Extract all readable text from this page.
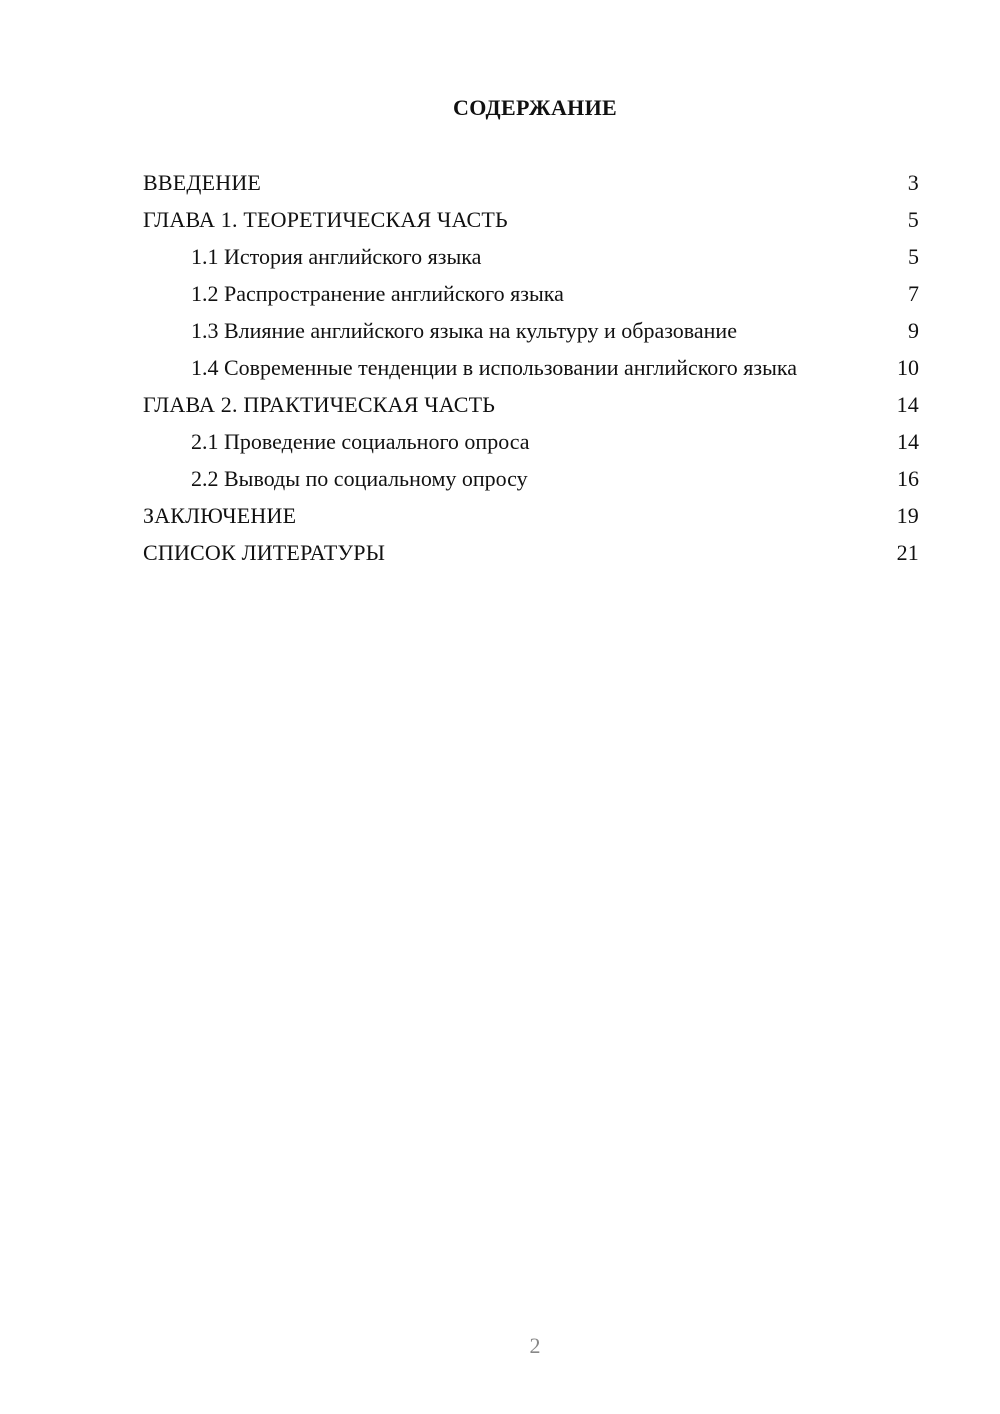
СОДЕРЖАНИЕ
ВВЕДЕНИЕ	3
ГЛАВА 1. ТЕОРЕТИЧЕСКАЯ ЧАСТЬ	5
1.1 История английского языка	5
1.2 Распространение английского языка	7
1.3 Влияние английского языка на культуру и образование	9
1.4 Современные тенденции в использовании английского языка	10
ГЛАВА 2. ПРАКТИЧЕСКАЯ ЧАСТЬ	14
2.1 Проведение социального опроса	14
2.2 Выводы по социальному опросу	16
ЗАКЛЮЧЕНИЕ	19
СПИСОК ЛИТЕРАТУРЫ	21
2
